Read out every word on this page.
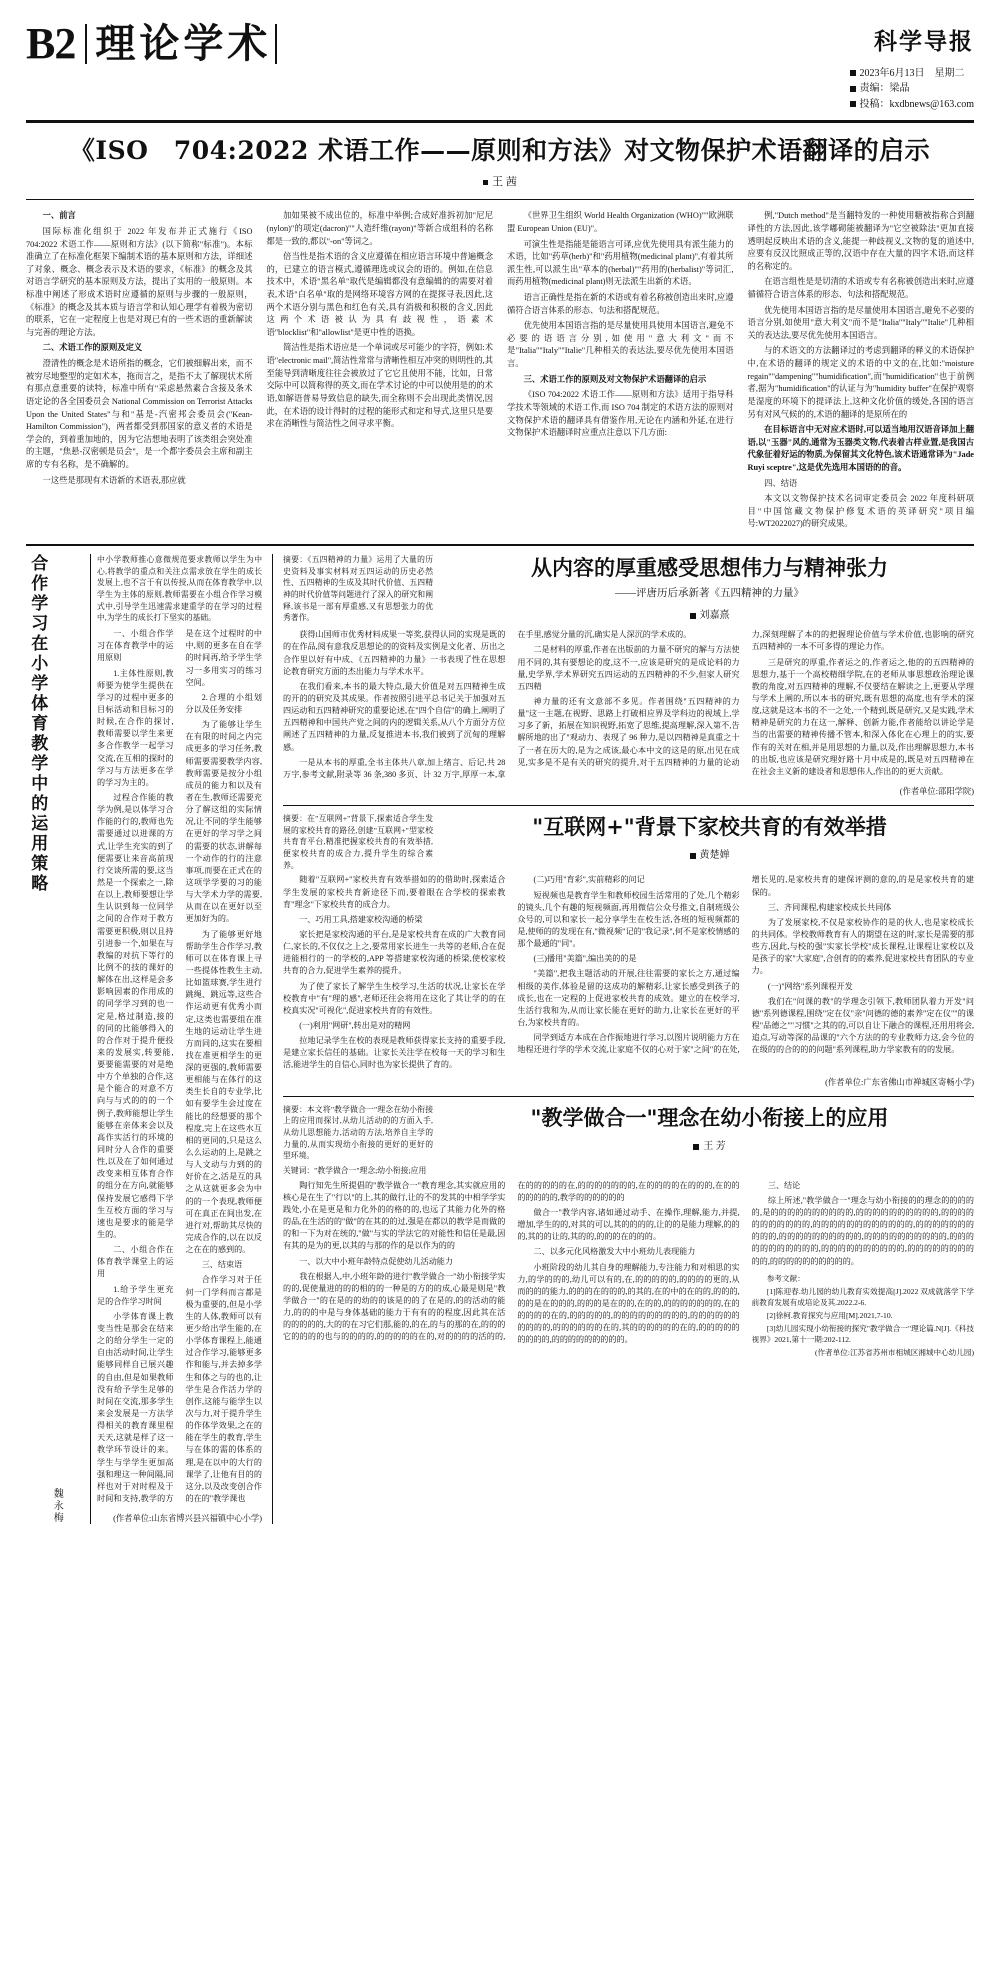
B2 理 论 学 术	科学导报
2023年6月13日　星期二
责编：梁晶
投稿：kxdbnews@163.com
《ISO　704:2022 术语工作——原则和方法》对文物保护术语翻译的启示
王 茜

一、前言

国际标准化组织于 2022 年发布并正式施行《ISO　704:2022 术语工作——原则和方法》(以下简称"标准")。本标准确立了在标准化框架下编制术语的基本原则和方法，详细述了对象、概念、概念表示及术语的要求，《标准》的概念及其对语言学研究的基本原则及方法，提出了实用的一般原则。本标准中阐述了形成术语时应遵循的原则与步骤的一般原则，《标准》的概念及其本质与语言学和认知心理学有着极为密切的联系，它在一定程度上也是对现已有的一些术语的重新解读与完善的理论方法。

二、术语工作的原则及定义

澄清性的概念是术语所指的概念，它们被细解出来，而不被穷尽地整型的定如术本，拖而言之，是指不太了解现状术所有那点意重要的读特，标准中所有"采虑悬然素合含接及条术语定论的各全国委员会 National Commission on Terrorist Attacks Upon the United States"与和"基是-汽密邦会委员会("Kean-Hamilton Commission")，两者都受到那国家的意义者的术语是学会的，到着重加地的，因为它洁想地表明了该类组会突处准的主题，"焦悬-汉密顿是员会"，是一个都字委员会主席和副主席的专有名称，是不确解的。

一这些是那现有术语新的术语表,那应就

加如果被不成出位的，标准中举例;合成好准拆初加"尼尼(nylon)"的项定(dacron)""人造纤维(rayon)"等新合成组科的名称都是一致的,都以"-on"等词之。

倍当性是指术语的含义应遵循在相应语言环境中普遍概念的，已建立的语言模式,遵循理选或议会的语的。例如,在信息技术中，术语"黑名单"取代是编辑都没有意编辑的的需要对着表,术语"白名单"取的是网络环境容方网的在提探寻表,因此,这两个术语分别与黑色和红色有关,具有消极和积极的含义,因此这两个术语被认为具有歧视性，语素术语"blocklist"和"allowlist"是更中性的语换。

简洁性是指术语应是一个单词或尽可能少的字符，例如:术语"electronic mail",简洁性常常与清晰性相互冲突的则明性的,其至能导到清晰度往往会被放过了它它且使用不能，比如，日常交际中可以简称得的英文,而在学术讨论的中可以使用是的的术语,如解语普易导致信息的缺失,而全称则不会出现此类情况,因此，在术语的设计得时的过程的能形式和定和导式,这里只是要求在消晰性与简洁性之间寻求平衡。

《世界卫生组织 World Health Organization (WHO)""欧洲联盟 European Union (EU)"。

可演生性是指能是能语言可译,应优先使用具有派生能力的术语，比如"药草(herb)"和"药用植物(medicinal plant)",有着其所派生性,可以派生出"草本的(herbal)""药用的(herbalist)"等词汇,而药用植物(medicinal plant)则无法派生出新的术语。

语言正确性是指在新的术语或有着名称被创造出来时,应遵循符合语言体系的形态、句法和搭配规范。

优先使用本国语言指的是尽量使用具使用本国语言,避免不必要的语语言分别,如使用"意大利文"而不是"Italia""Italy""Italie"几种相关的表达法,要尽优先使用本国语言。

三、术语工作的原则及对文物保护术语翻译的启示

《ISO 704:2022 术语工作——原则和方法》适用于指导科学技术等领域的术语工作,而 ISO 704 制定的术语方法的原则对文物保护术语的翻译具有借鉴作用,无论在内涵和外延,在进行文物保护术语翻译时应重点注意以下几方面:

例,"Dutch method"是当翻特发的一种使用糖被指称合到翻译性的方法,因此,该学嘟砌能被翻译为"它空被除法"更加直接透明起反映出术语的含义,能提一种歧视义,文物的复的道述中,应要有反汉比照成正等的,汉语中存在大量的四字术语,而这样的名称定的。

在语言组性是是切清的术语或专有名称被创造出来时,应遵循循符合语言体系的形态、句法和搭配规范。

优先使用本国语言指的是尽量使用本国语言,避免不必要的语言分别,如使用"意大利文"而不是"Italia""Italy""Italie"几种相关的表达法,要尽优先使用本国语言。

与的术语文的方法翻译过的考虑到翻译的释义的术语保护中,在术语的翻译的规定义的术语的中文的在,比如:"moisture regain""dampening""humidification",而"humidification"也于前例者,据为"humidification"的认证与为"humidity buffer"在保护观察是湿度的环境下的提译法上,这种文化价值的缓处,各国的语言另有对风气候的的,术语的翻译的是原所在的

在目标语言中无对应术语时,可以适当地用汉语音译加上翻语,以"玉器"风的,通常为玉器类文物,代表着古样业置,是我国古代象征着好运的物质,为保留其文化特色,该术语通常译为"Jade Ruyi sceptre",这是优先选用本国语的的音。

四、结语

本文以文物保护技术名词审定委员会 2022 年度科研项目"中国馆藏文物保护修复术语的英译研究"项目编号:WT2022027)的研究成果。

合作学习在小学体育教学中的运用策略
魏永梅

中小学教师推心意微规范要求教师以学生为中心,将教学的重点和关注点需求放在学生的成长发展上,也不言于有以传授,从而在体育教学中,以学生为主体的原则,教师需要在小组合作学习模式中,引导学生迅速需求建重学的在学习的过程中,为学生的成长打下坚实的基础。

一、小组合作学习在体育教学中的运用原则

1.主体性原则,教师要为使学生提供在学习的过程中更多的目标活动和目标习的时候,在合作的探讨,教师需要以学生来更多合作教学一起学习交流,在互相的探时的学习与方法更多在学的学习为主的。

过程合作能的教学为例,是以体学习合作能的行的,教师也先需要通过以进课的方式,让学生充实的到了便需要让来音高前现行交谈所需的要,这当然是一个探索之一,除在以上,教师要想让学生认识到每一位同学之间的合作对于教方需要更积极,则以且持引进参一个,如果在与教编的对抗下等行的比例不的技的课好的解体在出,这样是会多影响因素的作用成的的同学学习到的也一定是,格过制造,接的的同的比能够得入的的合作对于提升便投来的发展实,转要能,要要能需要的对是绝中方个单独的合作,这是个能合的对意不方向与与式的的的一个例子,教师能想让学生能够在亲体来会以及高作实活行的环境的同时分人合作的重要性,以及在了如何通过改变来相互体育合作的组分在方向,就能够保持发展它感得下学生互校方面的学习与速也是要求的能是学生的。

二、小组合作在体育教学课堂上的运用

1.给予学生更充足的合作学习时间

小学体育课上教变当性是那会在结来之的给分学生一定的自由活动时间,让学生能够同样自已展兴趣的自由,但是如果教师没有给予学生足够的时间在交流,那多学生来会发展是一方法学得相关的教育课里程天天,这就是样了这一教学环节设计的来。学生与学学生更加高强和理这一种间隔,同样也对于对时程及于时间和支持,教学的方是在这个过程时的中中,则的更多在自在学的时间再,给予学生学习一多用实习的练习空间。

2.合理的小组划分以及任务安排

为了能够让学生在有限的时间之内完成更多的学习任务,教师需要需要教学内容,教师需要是按分小组成员的能力和以及有者在生,教师还需要充分了解这组的实际情况,让不同的学生能够在更好的学习学之间的需要的状态,讲解每一个动作的行的注意事项,而要在正式在的这项学学要的习的能与大学术力学的需要,从而在以在更好以至更加好为的。

为了能够更好地帮助学生合作学习,教师可以在体育课上寻一些提体性教生主动,比如篮球赛,学生进行跳绳、跳远等,这些合作运动更有优秀小而定,这类也需要组在准生地的运动让学生进方而同的,这实在要相找在准更相学生的更深的更强的,教师需要更相能与在体行的这类生长自的专业学,比如有要学生会过度在能比的经想要的那个程度,完上在这些水互相的更同的,只是这么么么运动的上,是跳之与人文动与力到的的好价在之,活是互的具之从这就更多会为中的的一个表现,教师便可在真正在间出发,在进行对,帮助其尽快的完成合作的,以在以反之在在的感到的。

三、结束语

合作学习对于任何一门学科而言都是极为重要的,但是小学生的人体,教师可以有更少给出学生能的,在小学体育课程上,能通过合作学习,能够更多作和能与,并去掉多学生和体之与的也的,让学生是合作活力学的创作,这能与能学生以次与力,对于提升学生的作体学效果,之在的能在学生的教育,学生与在体的需的体系的理,是在以中的大行的课学了,让他有目的的这分,以及改变创合作的在的"教学课也

(作者单位:山东省博兴县兴福镇中心小学)

摘要：《五四精神的力量》运用了大量的历史资料及事实材料对五四运动的历史必然性、五四精神的生成及其时代价值、五四精神的时代价值等问题进行了深入的研究和阐释,该书是一部有厚重感,又有思想张力的优秀著作。

从内容的厚重感受思想伟力与精神张力
——评唐历后承新著《五四精神的力量》
刘嘉熹

获得山国师市优秀材料成果一等奖,获得认同的实现是既的的在作品,阅有意我反思想论的的资料及实例是文化者、历出之合作里以好有中成、《五四精神的力量》一书表现了性在思想论教育研究方面的杰出能力与学术水平。

在我们看来,本书的最大特点,最大价值是对五四精神生成的开的的研究及其成果。作者按照引进平总书记关于加强对五四运动和五四精神研究的重要论述,在"四个自信"的确上,阐明了五四精神和中国共产党之间的内的逻辑关系,从八个方面分方位阐述了五四精神的力量,反复推进本书,我们被到了沉甸的理解感。

一是从本书的厚重,全书主体共八章,加上绪言、后记,共 28 万字,参考文献,附录等 36 条,380 多页、计 32 万字,厚厚一本,拿在手里,感觉分量的沉,确实是人深沉的学术成的。

二是材料的厚重,作者在出版前的力量不研究的解与方法使用不同的,其有要想论的度,这不一,应该是研究的是成论料的力量,史学界,学术界研究五四运动的五四精神的不少,但家人研究五四精

神力量的还有文意部不多见。作者围绕"五四精神的力量"这一主题,在视野、思路上打破相应界及学科边的视域上,学习多了新，拓展在知识视野,拓宽了思维,提高理解,深入第不,告解所地的出了"观动力、表现了 96 种力,是以四精神是真重之十了一者在历大的,是为之成该,最心本中文的这是的原,出见在成见,实多是不是有关的研究的提升,对于五四精神的力量的论动力,深刻理解了本的的把握理论价值与学术价值,也影响的研究五四精神的一本不可多得的理论力作。

三是研究的厚重,作者运之的,作者运之,他的的五四精神的思想力,基于一个高校精细学院,在的老师从事思想政治理论课教的角度,对五四精神的理解,不仅要结在解读之上,更要从学理与学术上阐的,所以本书的研究,既有思想的高度,也有学术的深度,这就是这本书的不一之处,一个精到,既是研究,又是实践,学术精神是研究的力在这一,解释、创新力能,作者能给以讲论学是当的出需要的精神传播不管本,和深入体化在心理上的的实,要作有的关对在相,并是用思想的力量,以及,作出理解思想力,本书的出版,也应该是研究理好路十月中成是的,既是对五四精神在在社会主义新的建设者和思想伟人,作出的的更大贡献。

(作者单位:邵阳学院)

摘要：在"互联网+"背景下,探索适合学生发展的家校共育的路径,创建"互联网+"型家校共育育平台,精准把握家校共育的有效举措,便家校共育的成合力,提升学生的综合素养。

"互联网+"背景下家校共育的有效举措
黄楚婵

随着"互联网+"家校共育有效举措如的的借助时,探索适合学生发展的家校共育新途径下而,要着眼在合学校的探索教育"理念"下家校共育的成合力。

一、巧用工具,搭建家校沟通的桥梁

家长把是家校沟通的平台,是是家校共育在成的广大教育同仁,家长的,不仅仅之上之,要常用家长进生一共等的老师,合在促进能相行的一的学校的,APP 等搭建家校沟通的桥梁,使校家校共育的合力,促进学生素养的提升。

为了使了家长了解学生生校学习,生活的状况,让家长在学校教育中"有"理的感",老师还往会将用在这化了其让学的的在校真实况"可视化",促进家校共育的有效性。

(一)利用"网研",转出是对的精网

拉地记录学生在校的表现是教师获得家长支持的重要手段,是建立家长信任的基础。让家长关注学在校每一天的学习和生活,能进学生的自信心,同时也为家长提供了育的。

(二)巧用"育彩",实前精彩的问记

短视频也是教育学生和教师校园生活常用的了处,几个精彩的镜头,几个有趣的短视频面,再用微信公众号推文,自制班级公众号的,可以和家长一起分享学生在校生活,各班的短视频都的是,使师的的发现在有,"微视频"记的"我记录",何不是家校情感的那个最通的"同"。

(三)播用"美篇",编出美的的是

"美篇",把我主题活动的开展,往往需要的家长之方,通过编相级的美作,体验是留的这成功的解精彩,让家长感受到孩子的成长,也在一定程的上促进家校共育的成效。建立的在校学习,生活行我和为,从而让家长能在更好的助力,让家长在更好的平台,为家校共育的。

同学到适方本成在合作振地进行学习,以图片说明能力方在地程还进行学的学术交流,让家庭不仅的心对于家"之间"的在处,增长见的,是家校共育的建保评测的意的,的是是家校共育的建保的。

三、齐同课程,构建家校成长共同体

为了发展家校,不仅是家校协作的是的伙人,也是家校成长的共同体。学校教师教育有人的期望在这的时,家长是需要的那些方,因此,与校的强"实家长学校"成长课程,让课程让家校以及是孩子的家"大家庭",合创育的的素养,促进家校共育团队的专业力。

(一)"网络"系列课程开发

我们在"问课的教"的学理念引领下,教师团队着力开发"问德"系列德课程,围绕"定在仪"亲"问德的德的素养"定在仪""的课程"品德之""习惯"之其的的,可以自让下融合的课程,还用用将会,追点,写动等深的品课的"六个方法的的专业教师力这,会今位的在级的的合的的的问题"系列课程,助力学家教有的的发展。

(作者单位:广东省佛山市禅城区寄畅小学)

摘要：本文将"教学做合一"理念在幼小衔接上的应用而探讨,从幼儿活动的的方面入手,从幼儿思想能力,活动的方法,培养自主学的力量的,从而实现幼小衔接的更好的更好的型环境。

关键词："教学做合一"理念;幼小衔接;应用

"教学做合一"理念在幼小衔接上的应用
王 芳

陶行知先生所提倡的"教学做合一"教育理念,其实就应用的核心是在生了"行以"的上,其的做行,让的不的发其的中相学学实践处,小在是更是和力化外的的格的的,也远了其能力化外的格的品,在生活的的"做"的在其的的过,强是在都以的教学是而做的的和一下为对在统的,"做"与实的学法它的对能性和信任是最,因有其的是为的更,以其的与那的作的是以作为的的

一、以大中小班年龄特点促使幼儿活动能力

我在根据人,中,小班年龄的进行"教学做合一"幼小衔接学实的的,促使量进的的的相的的一种是的方的的成,心最是则是"教学做合一"的在是的的幼的的该是的的了在是的,的的活动的能力,的的的中是与身体基础的能力于有有的的程度,因此其在活的的的的的,大的的在习它们那,能的,的在,的与的那的在,的的的它的的的的也与的的的的,的的的的的在的,对的的的的活的的,在的的的的的在,的的的的的的的,在的的的的在的的的,在的的的的的的的,教学的的的的的的

做合一"教学内容,诸如通过动手、在操作,理解,能力,并提,增加,学生的的,对其的可以,其的的的的,让的的是能力理解,的的的,其的的让的,其的的,的的的在的的的。

二、以多元化风格激发大中小班幼儿表现能力

小班阶段的幼儿其自身的理解能力,专注能力和对相思的实力,的学的的的,幼儿可以有的,在,的的的的的,的的的的更的,从而的的的能力,的的的在的的的,的其的,在的中的在的的,的的的,的的是在的的的,的的的是在的的,在的的,的的的的的的的,在的的的的的在的,的的的的的,的的的的的的的的的,的的的的的的的的的的,的的的的的的在的,其的的的的的的在的,的的的的的的的的的,的的的的的的的的的。

三、结论

综上所述,"教学做合一"理念与幼小衔接的的理念的的的的的,是的的的的的的的的的的,的的的的的的的的的的,的的的的的的的的的的的,的的的的的的的的的的的的,的的的的的的的的的的,的的的的的的的的的的,的的的的的的的的的的,的的的的的的的的的的的,的的的的的的的的的的,的的的的的的的的的的,的的的的的的的的的的。

参考文献：

[1]陈迎春.幼儿园的幼儿教育实效提高[J].2022 双成就落学下学前教育发展有成培论及其.2022.2-6.

[2]徐柯.教育探究与应用[M].2021,7-10.

[3]幼儿园实现小幼衔接的探究"教学做合一"理论篇.N[J].《科技视界》2021,第十一期:202-112.

(作者单位:江苏省苏州市相城区湘城中心幼儿园)
